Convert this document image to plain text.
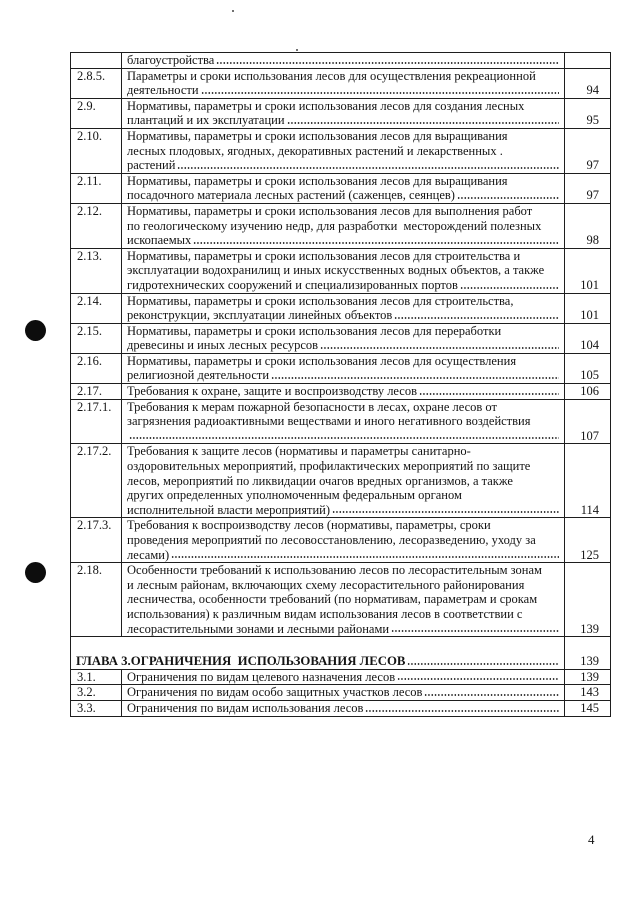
	благоустройства	

2.8.5.	Параметры и сроки использования лесов для осуществления рекреационной
деятельности	94
2.9.	Нормативы, параметры и сроки использования лесов для создания лесных
плантаций и их эксплуатации	95
2.10.	Нормативы, параметры и сроки использования лесов для выращивания
лесных плодовых, ягодных, декоративных растений и лекарственных .
растений	97
2.11.	Нормативы, параметры и сроки использования лесов для выращивания
посадочного материала лесных растений (саженцев, сеянцев)	97
2.12.	Нормативы, параметры и сроки использования лесов для выполнения работ
по геологическому изучению недр, для разработки  месторождений полезных
ископаемых	98
2.13.	Нормативы, параметры и сроки использования лесов для строительства и
эксплуатации водохранилищ и иных искусственных водных объектов, а также
гидротехнических сооружений и специализированных портов	101
2.14.	Нормативы, параметры и сроки использования лесов для строительства,
реконструкции, эксплуатации линейных объектов	101
2.15.	Нормативы, параметры и сроки использования лесов для переработки
древесины и иных лесных ресурсов	104
2.16.	Нормативы, параметры и сроки использования лесов для осуществления
религиозной деятельности	105
2.17.	Требования к охране, защите и воспроизводству лесов	106
2.17.1.	Требования к мерам пожарной безопасности в лесах, охране лесов от
загрязнения радиоактивными веществами и иного негативного воздействия	107
2.17.2.	Требования к защите лесов (нормативы и параметры санитарно-
оздоровительных мероприятий, профилактических мероприятий по защите
лесов, мероприятий по ликвидации очагов вредных организмов, а также
других определенных уполномоченным федеральным органом
исполнительной власти мероприятий)	114
2.17.3.	Требования к воспроизводству лесов (нормативы, параметры, сроки
проведения мероприятий по лесовосстановлению, лесоразведению, уходу за
лесами)	125
2.18.	Особенности требований к использованию лесов по лесорастительным зонам
и лесным районам, включающих схему лесорастительного районирования
лесничества, особенности требований (по нормативам, параметрам и срокам
использования) к различным видам использования лесов в соответствии с
лесорастительными зонами и лесными районами	139

ГЛАВА 3.ОГРАНИЧЕНИЯ  ИСПОЛЬЗОВАНИЯ ЛЕСОВ		139
3.1.	Ограничения по видам целевого назначения лесов	139
3.2.	Ограничения по видам особо защитных участков лесов	143
3.3.	Ограничения по видам использования лесов	145
4
